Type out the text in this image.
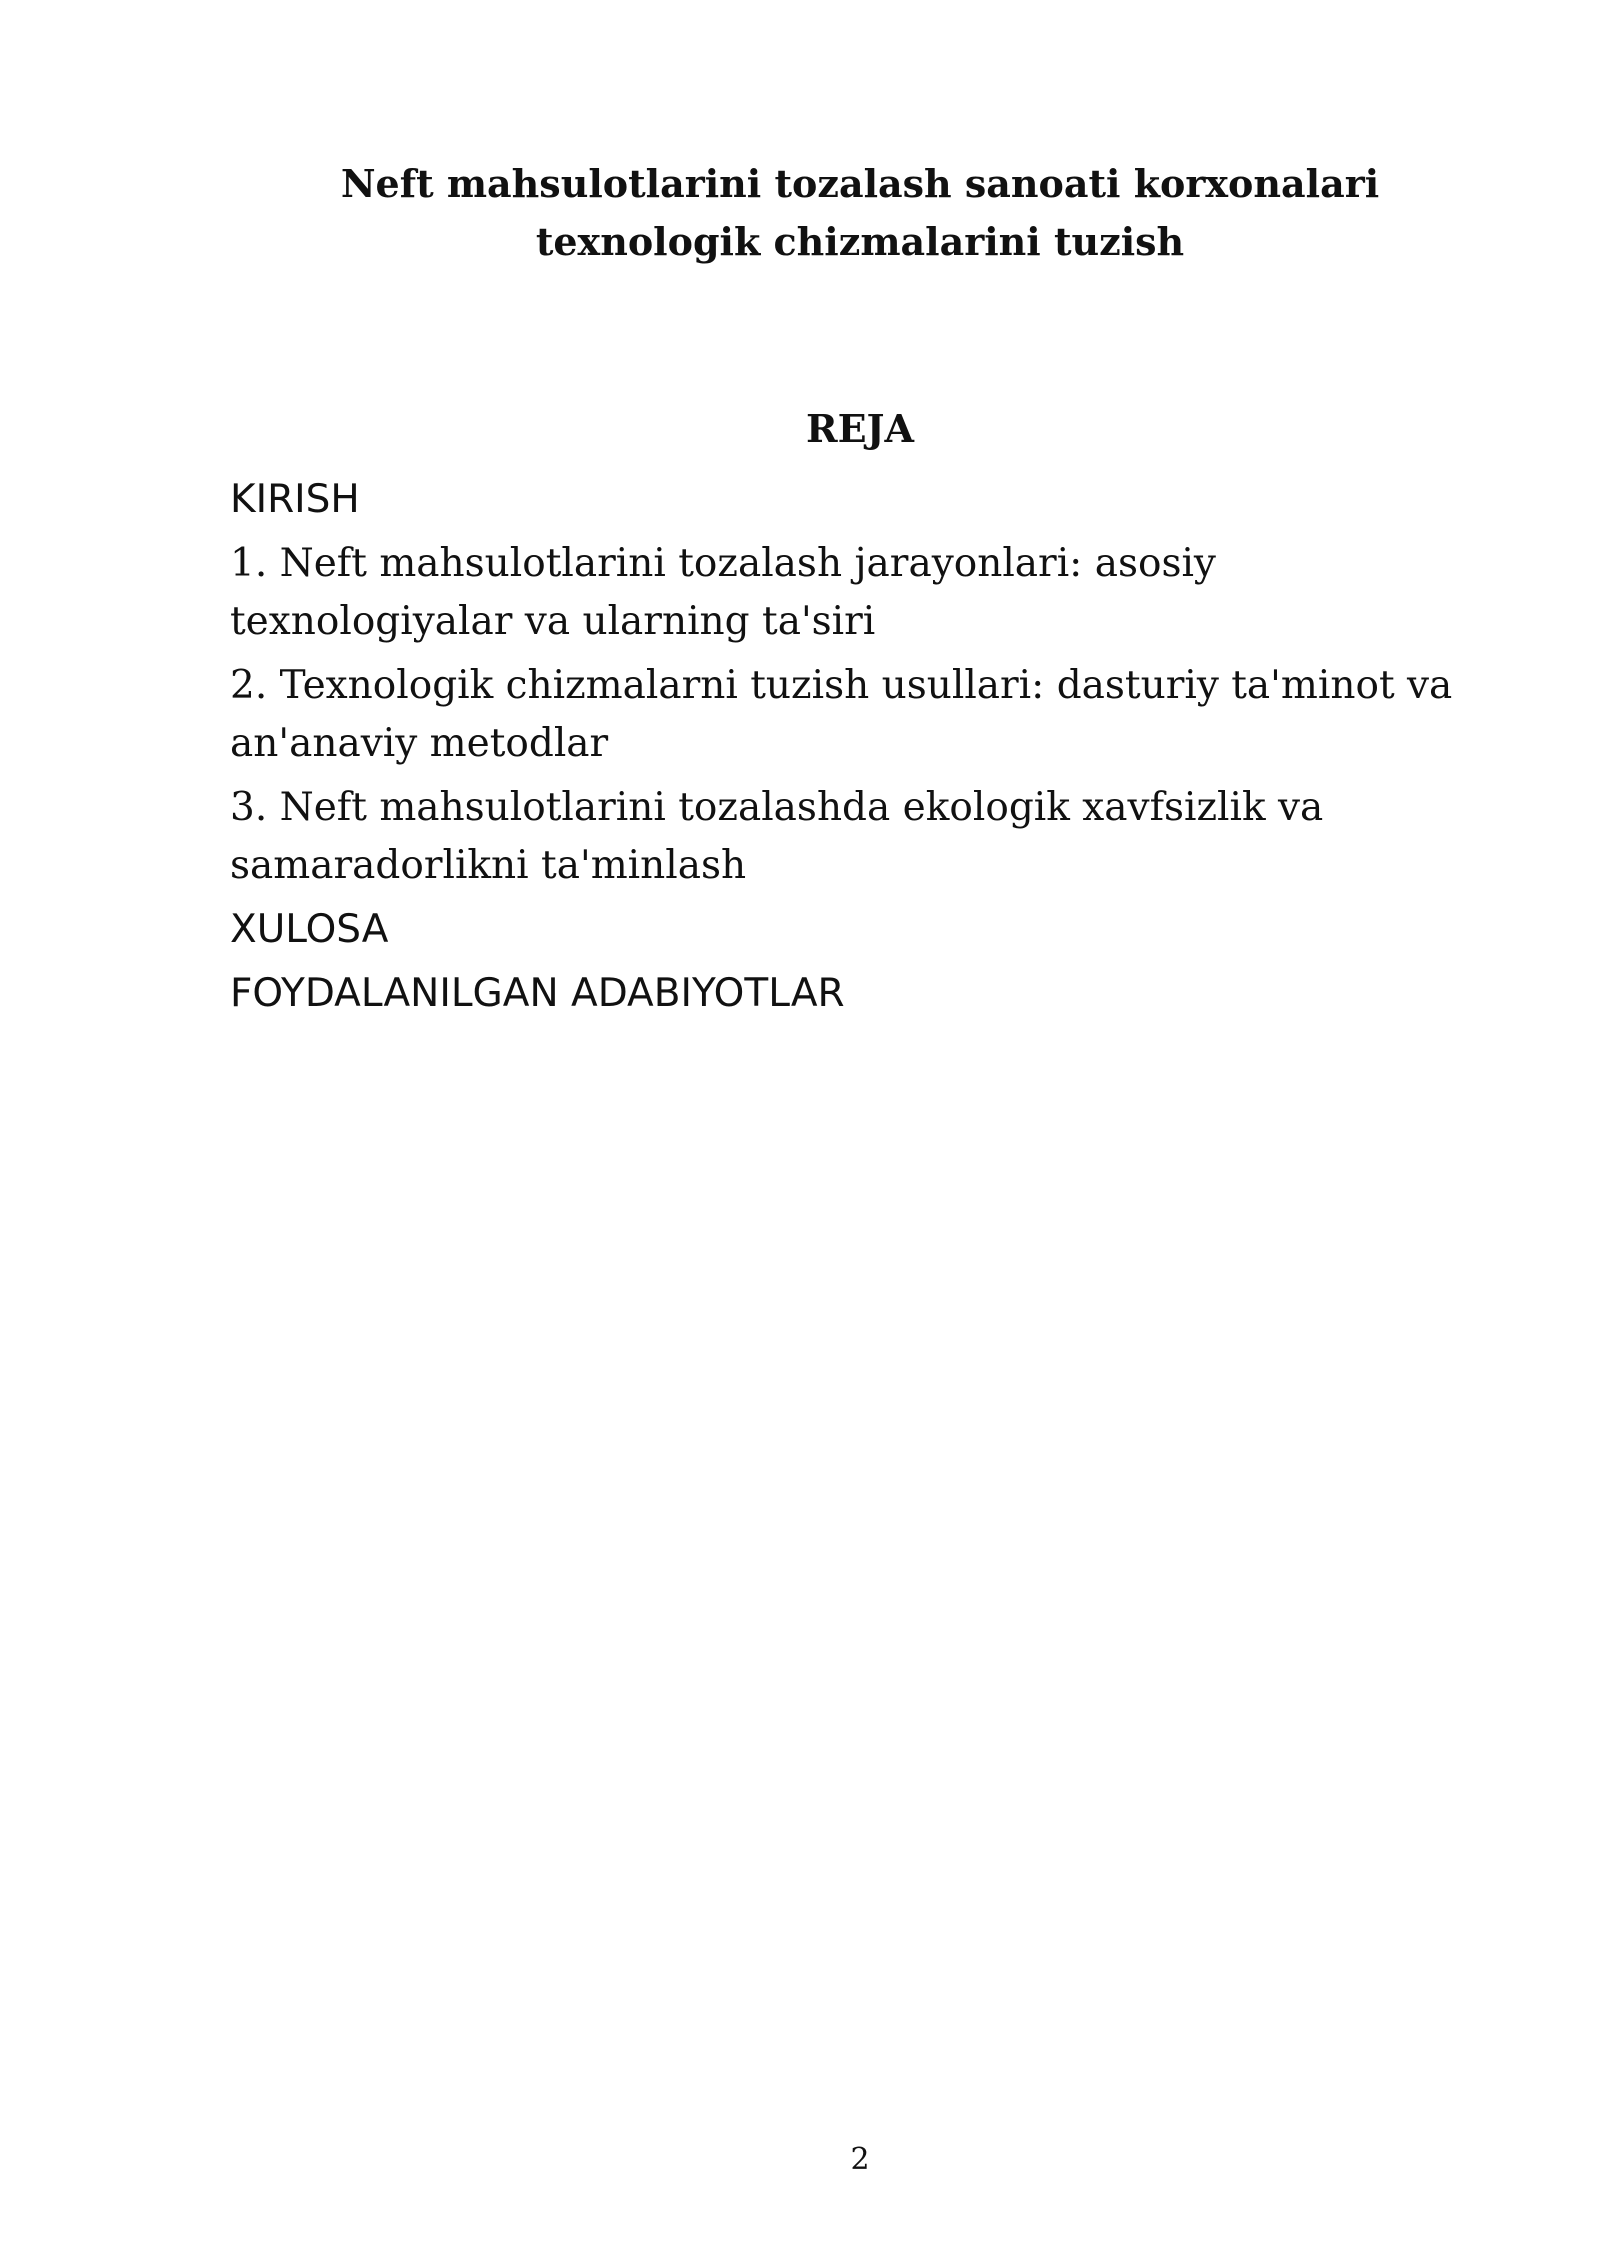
Neft mahsulotlarini tozalash sanoati korxonalari
texnologik chizmalarini tuzish
REJA
KIRISH
1. Neft mahsulotlarini tozalash jarayonlari: asosiy texnologiyalar va ularning ta'siri
2. Texnologik chizmalarni tuzish usullari: dasturiy ta'minot va an'anaviy metodlar
3. Neft mahsulotlarini tozalashda ekologik xavfsizlik va samaradorlikni ta'minlash
XULOSA
FOYDALANILGAN ADABIYOTLAR
2
